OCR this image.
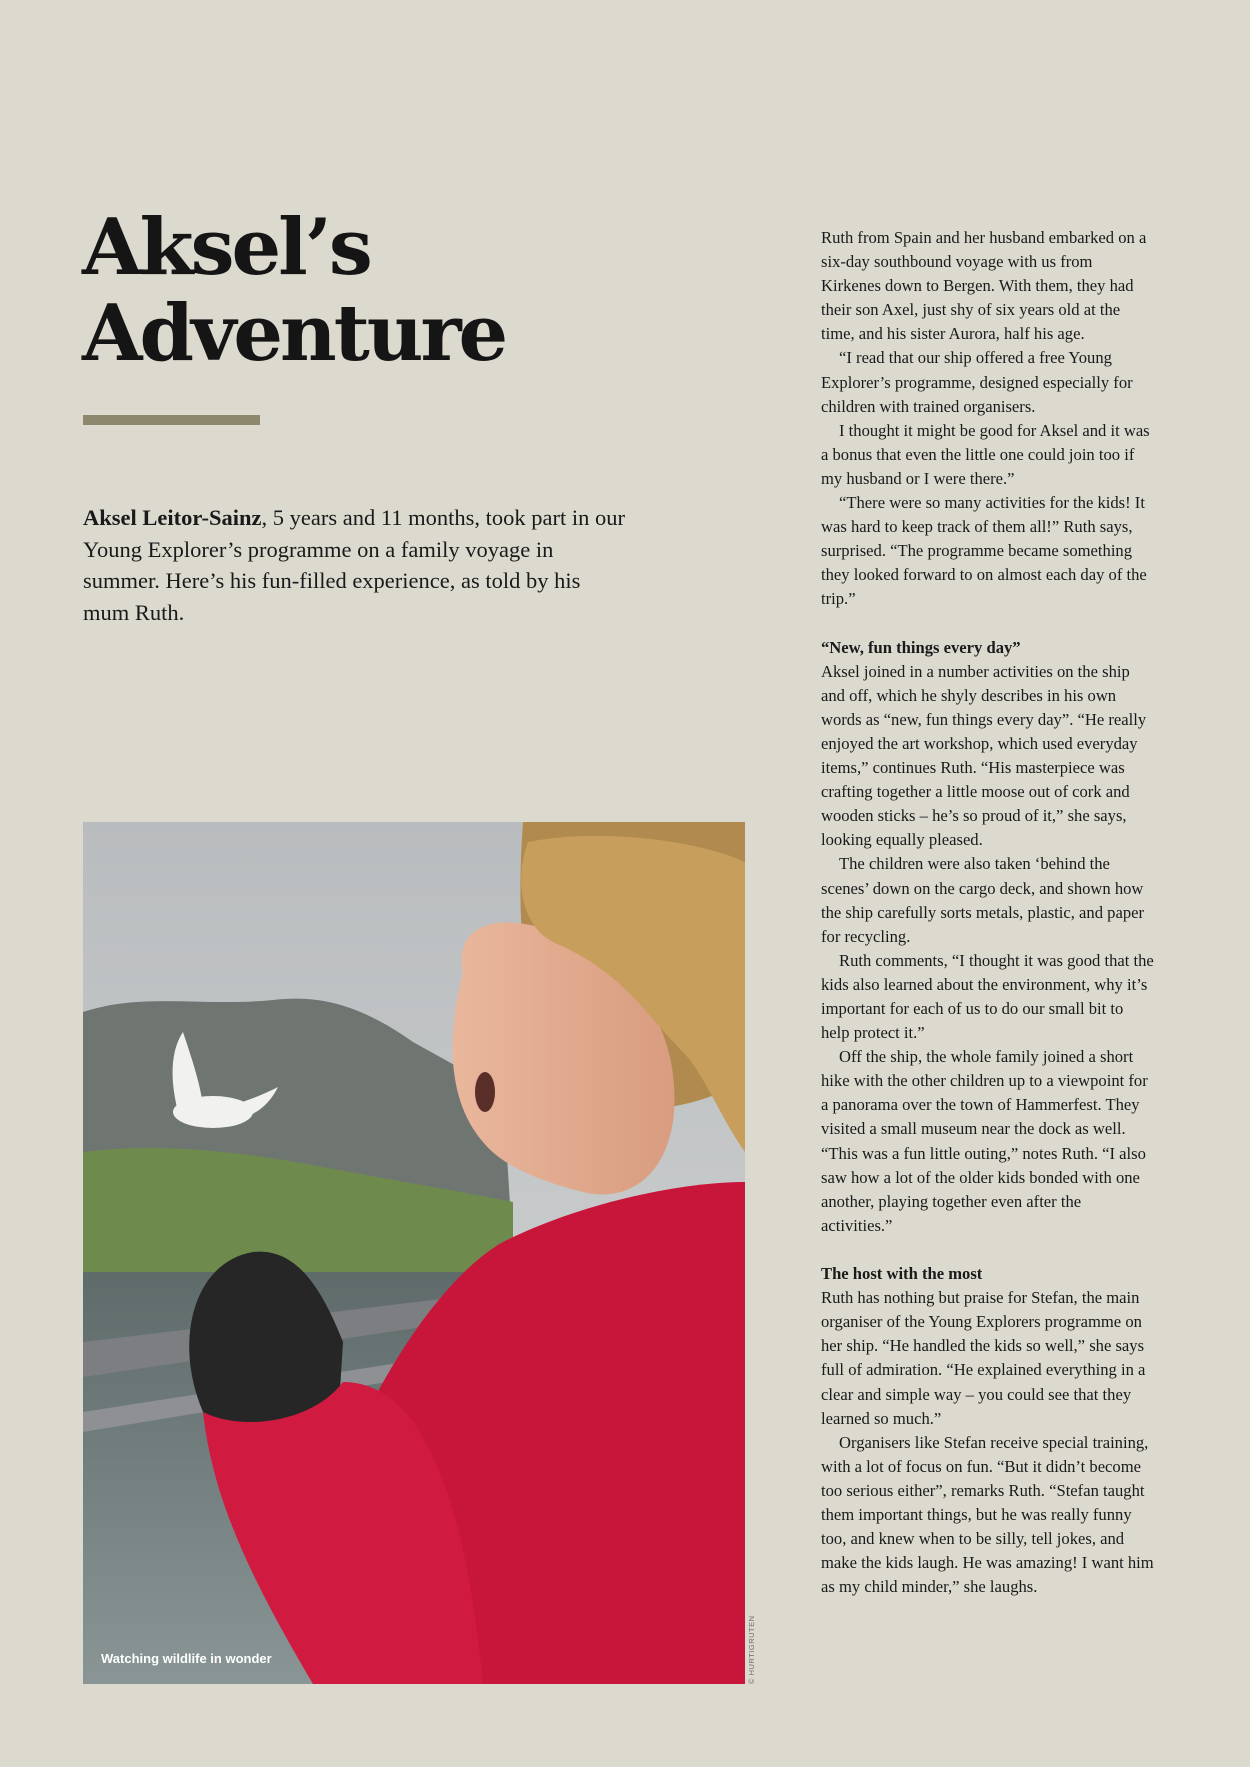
Aksel’s
Adventure

Aksel Leitor-Sainz, 5 years and 11 months, took part in our Young Explorer’s programme on a family voyage in summer. Here’s his fun-filled experience, as told by his mum Ruth.

Watching wildlife in wonder	© HURTIGRUTEN

Ruth from Spain and her husband embarked on a six-day southbound voyage with us from Kirkenes down to Bergen. With them, they had their son Axel, just shy of six years old at the time, and his sister Aurora, half his age.

“I read that our ship offered a free Young Explorer’s programme, designed especially for children with trained organisers.

I thought it might be good for Aksel and it was a bonus that even the little one could join too if my husband or I were there.”

“There were so many activities for the kids! It was hard to keep track of them all!” Ruth says, surprised. “The programme became something they looked forward to on almost each day of the trip.”

“New, fun things every day”

Aksel joined in a number activities on the ship and off, which he shyly describes in his own words as “new, fun things every day”. “He really enjoyed the art workshop, which used everyday items,” continues Ruth. “His masterpiece was crafting together a little moose out of cork and wooden sticks – he’s so proud of it,” she says, looking equally pleased.

The children were also taken ‘behind the scenes’ down on the cargo deck, and shown how the ship carefully sorts metals, plastic, and paper for recycling.

Ruth comments, “I thought it was good that the kids also learned about the environment, why it’s important for each of us to do our small bit to help protect it.”

Off the ship, the whole family joined a short hike with the other children up to a viewpoint for a panorama over the town of Hammerfest. They visited a small museum near the dock as well. “This was a fun little outing,” notes Ruth. “I also saw how a lot of the older kids bonded with one another, playing together even after the activities.”

The host with the most

Ruth has nothing but praise for Stefan, the main organiser of the Young Explorers programme on her ship. “He handled the kids so well,” she says full of admiration. “He explained everything in a clear and simple way – you could see that they learned so much.”

Organisers like Stefan receive special training, with a lot of focus on fun. “But it didn’t become too serious either”, remarks Ruth. “Stefan taught them important things, but he was really funny too, and knew when to be silly, tell jokes, and make the kids laugh. He was amazing! I want him as my child minder,” she laughs.
